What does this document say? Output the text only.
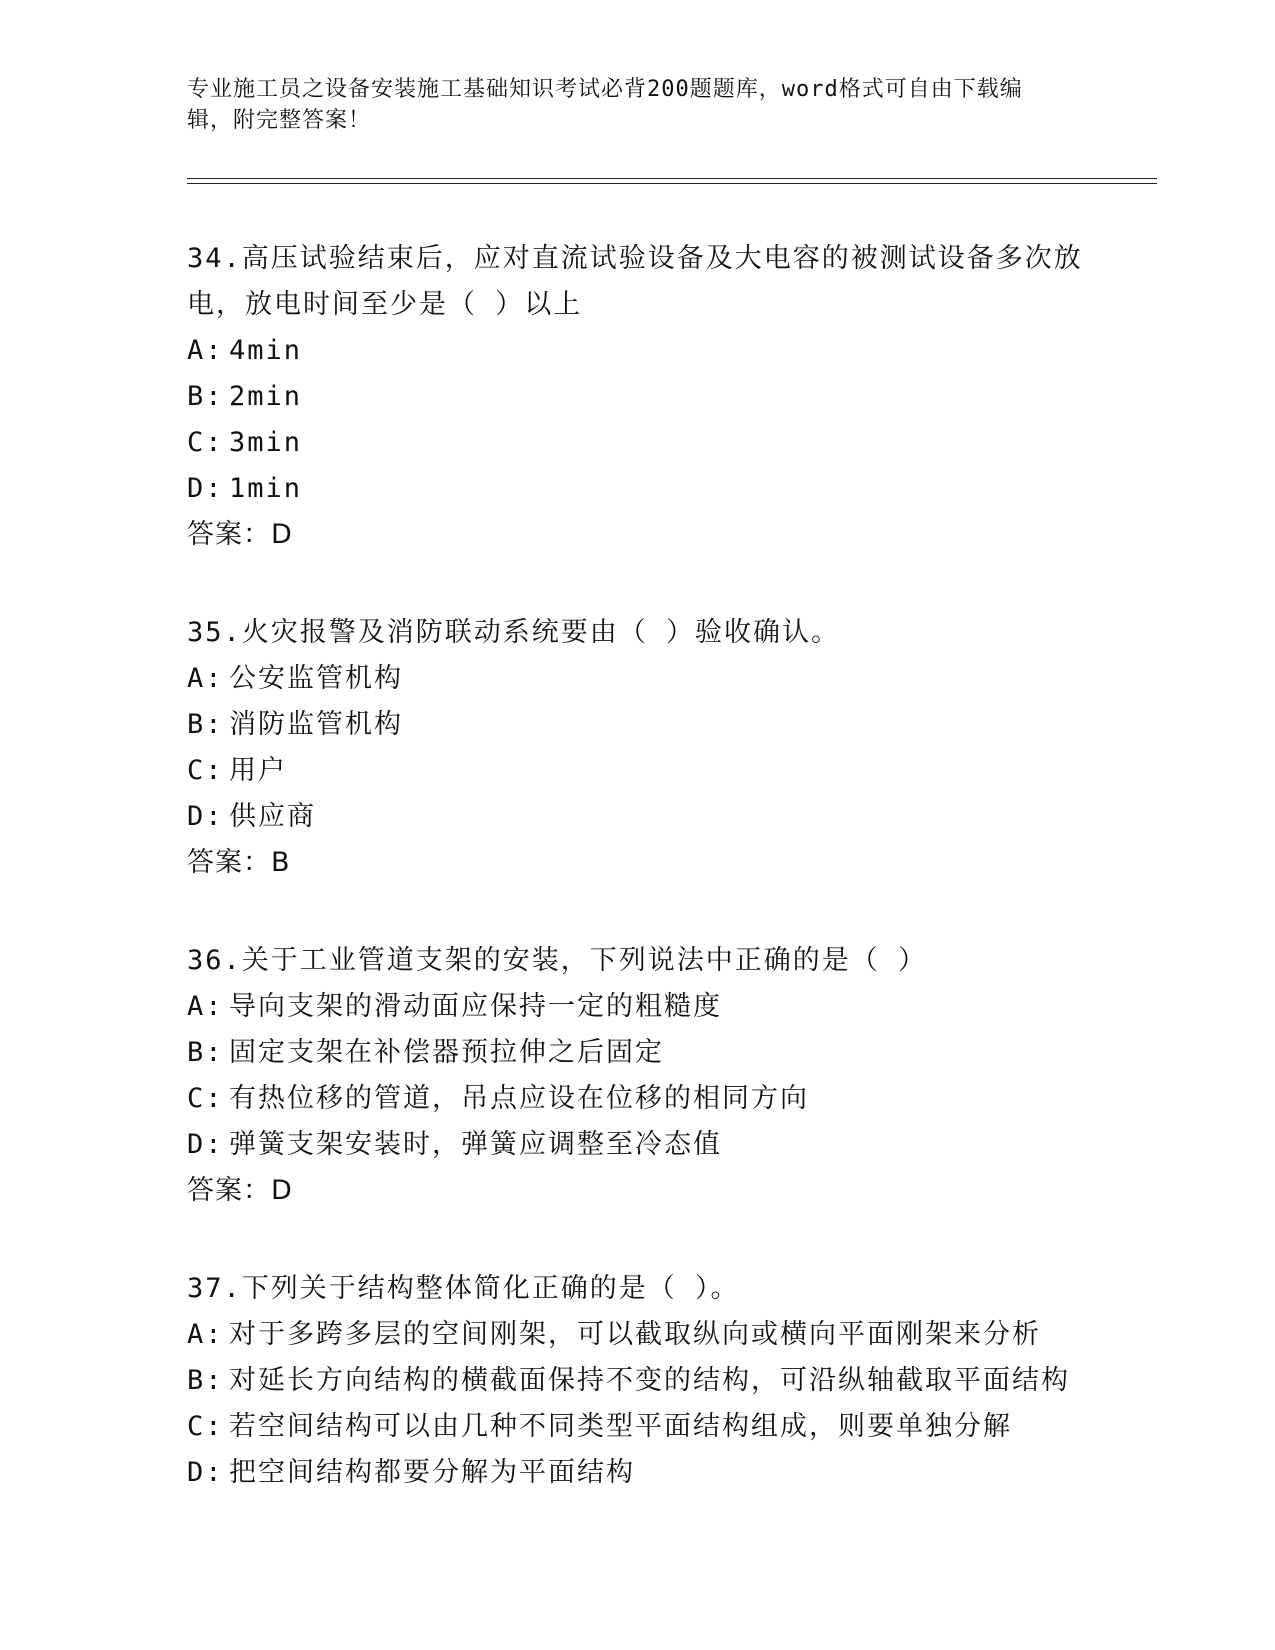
专业施工员之设备安装施工基础知识考试必背200题题库，word格式可自由下载编辑，附完整答案！
34.高压试验结束后，应对直流试验设备及大电容的被测试设备多次放电，放电时间至少是（ ）以上
A: 4min
B: 2min
C: 3min
D: 1min
答案：D
35.火灾报警及消防联动系统要由（ ）验收确认。
A: 公安监管机构
B: 消防监管机构
C: 用户
D: 供应商
答案：B
36.关于工业管道支架的安装，下列说法中正确的是（ ）
A: 导向支架的滑动面应保持一定的粗糙度
B: 固定支架在补偿器预拉伸之后固定
C: 有热位移的管道，吊点应设在位移的相同方向
D: 弹簧支架安装时，弹簧应调整至冷态值
答案：D
37.下列关于结构整体简化正确的是（ ）。
A: 对于多跨多层的空间刚架，可以截取纵向或横向平面刚架来分析
B: 对延长方向结构的横截面保持不变的结构，可沿纵轴截取平面结构
C: 若空间结构可以由几种不同类型平面结构组成，则要单独分解
D: 把空间结构都要分解为平面结构
